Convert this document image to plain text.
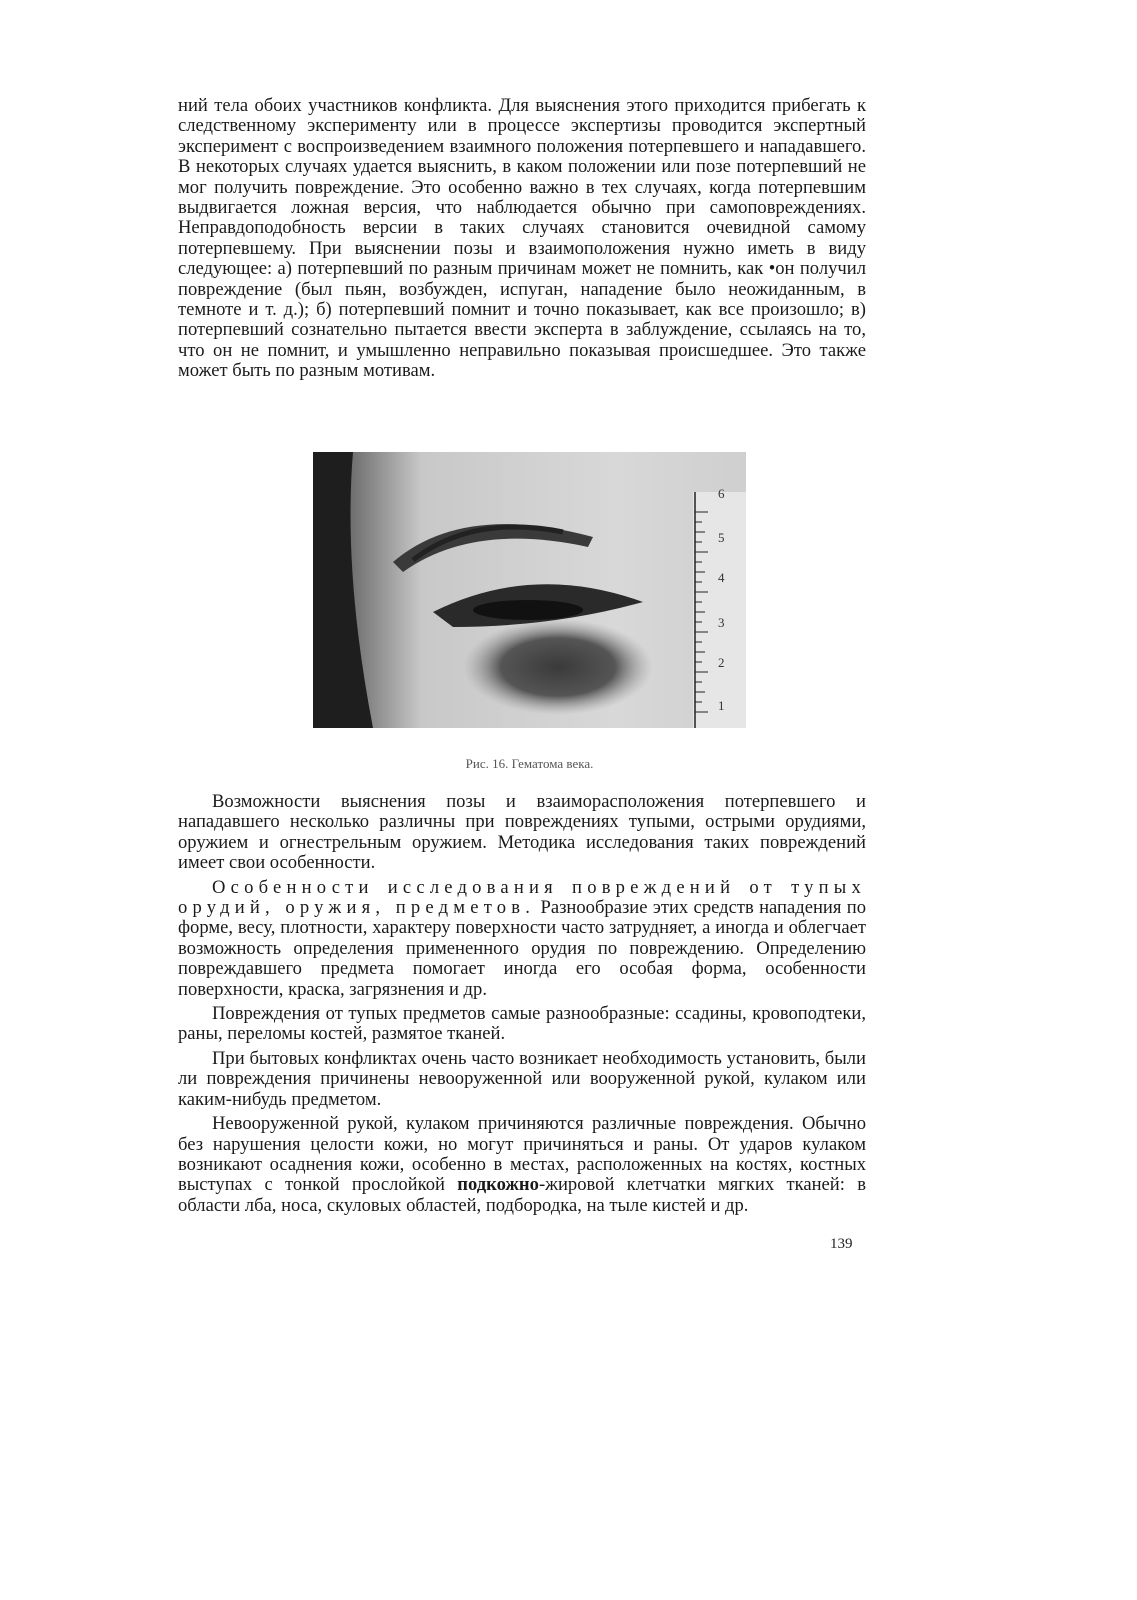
ний тела обоих участников конфликта. Для выяснения этого приходится прибегать к следственному эксперименту или в процессе экспертизы проводится экспертный эксперимент с воспроизведением взаимного положения потерпевшего и нападавшего. В некоторых случаях удается выяснить, в каком положении или позе потерпевший не мог получить повреждение. Это особенно важно в тех случаях, когда потерпевшим выдвигается ложная версия, что наблюдается обычно при самоповреждениях. Неправдоподобность версии в таких случаях становится очевидной самому потерпевшему. При выяснении позы и взаимоположения нужно иметь в виду следующее: а) потерпевший по разным причинам может не помнить, как •он получил повреждение (был пьян, возбужден, испуган, нападение было неожиданным, в темноте и т. д.); б) потерпевший помнит и точно показывает, как все произошло; в) потерпевший сознательно пытается ввести эксперта в заблуждение, ссылаясь на то, что он не помнит, и умышленно неправильно показывая происшедшее. Это также может быть по разным мотивам.

6
5
4
3
2
1

Рис. 16. Гематома века.

Возможности выяснения позы и взаиморасположения потерпевшего и нападавшего несколько различны при повреждениях тупыми, острыми орудиями, оружием и огнестрельным оружием. Методика исследования таких повреждений имеет свои особенности.

Особенности исследования повреждений от тупых орудий, оружия, предметов. Разнообразие этих средств нападения по форме, весу, плотности, характеру поверхности часто затрудняет, а иногда и облегчает возможность определения примененного орудия по повреждению. Определению повреждавшего предмета помогает иногда его особая форма, особенности поверхности, краска, загрязнения и др.

Повреждения от тупых предметов самые разнообразные: ссадины, кровоподтеки, раны, переломы костей, размятое тканей.

При бытовых конфликтах очень часто возникает необходимость установить, были ли повреждения причинены невооруженной или вооруженной рукой, кулаком или каким-нибудь предметом.

Невооруженной рукой, кулаком причиняются различные повреждения. Обычно без нарушения целости кожи, но могут причиняться и раны. От ударов кулаком возникают осаднения кожи, особенно в местах, расположенных на костях, костных выступах с тонкой прослойкой подкожно-жировой клетчатки мягких тканей: в области лба, носа, скуловых областей, подбородка, на тыле кистей и др.

139
